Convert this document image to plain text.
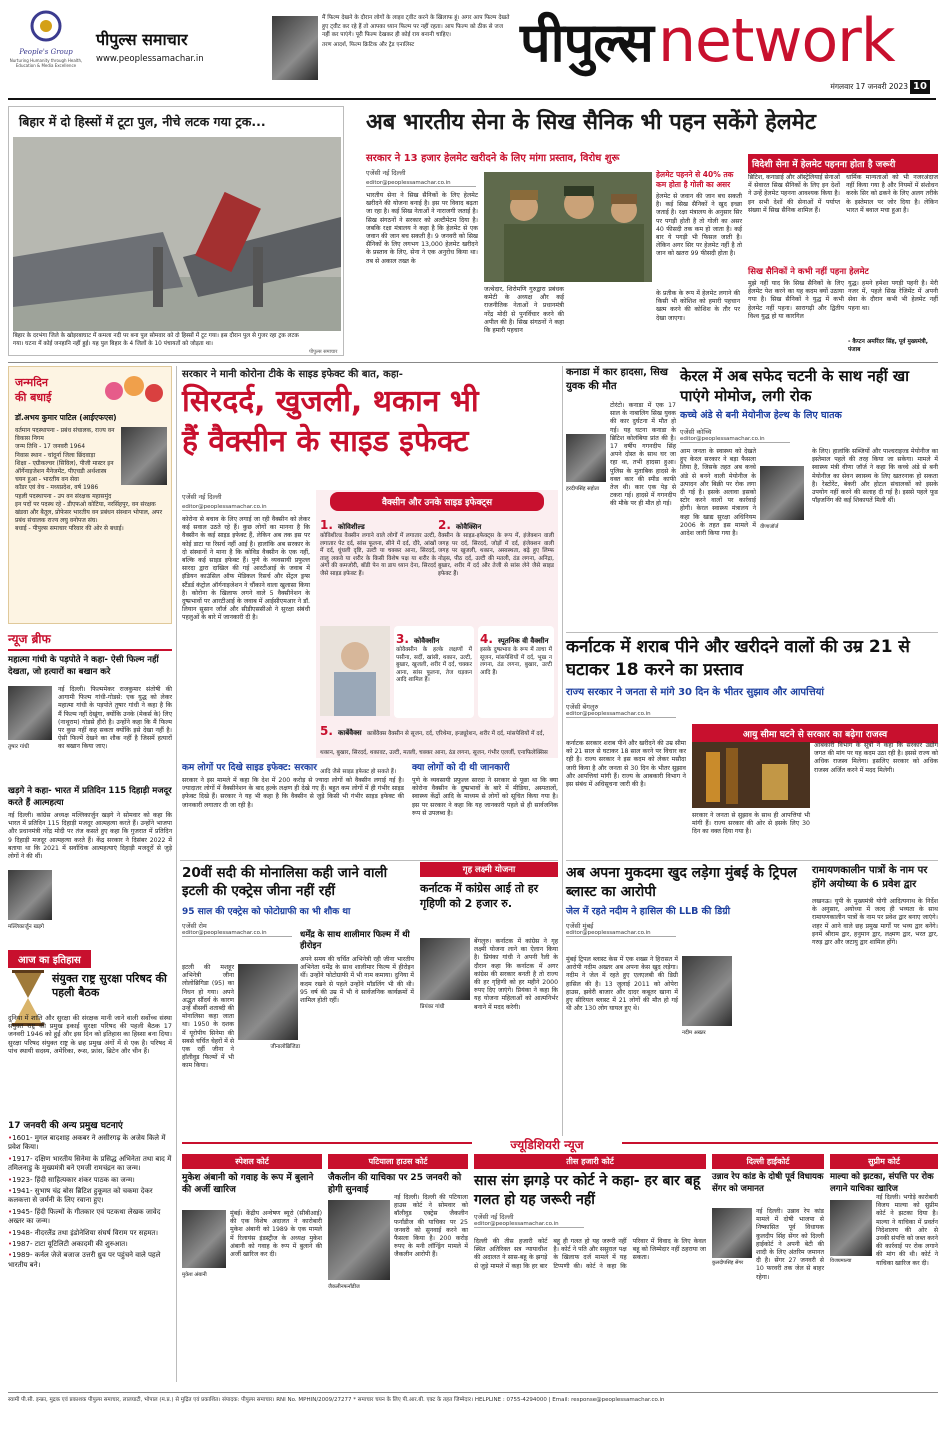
People's Group
Nurturing Humanity through Health, Education & Media Excellence
पीपुल्स समाचार
www.peoplessamachar.in
मैं फिल्म देखने के दौरान लोगों के लाइव ट्वीट करने के खिलाफ हूं। अगर आप फिल्म देखते हुए ट्वीट कर रहे हैं तो आपका ध्यान फिल्म पर नहीं रहता। आप फिल्म को ठीक से जज नहीं कर पाएंगे। पूरी फिल्म देखकर ही कोई राय बनानी चाहिए।
तरण आदर्श, फिल्म क्रिटिक और ट्रेड एनालिस्ट	पीपुल्स network
मंगलवार 17 जनवरी 2023 10
बिहार में दो हिस्सों में टूटा पुल, नीचे लटक गया ट्रक...
बिहार के दरभंगा जिले के खोइरबाघाट में कमला नदी पर बना पुल सोमवार को दो हिस्सों में टूट गया। इस दौरान पुल से गुजर रहा ट्रक लटक गया। घटना में कोई जनहानि नहीं हुई। यह पुल बिहार के 4 जिलों के 10 पंचायतों को जोड़ता था।
पीपुल्स समाचार
अब भारतीय सेना के सिख सैनिक भी पहन सकेंगे हेलमेट
सरकार ने 13 हजार हेलमेट खरीदने के लिए मांगा प्रस्ताव, विरोध शुरू
एजेंसी नई दिल्ली
editor@peoplessamachar.co.in
भारतीय सेना ने सिख सैनिकों के लिए हेलमेट खरीदने की योजना बनाई है। इस पर विवाद बढ़ता जा रहा है। कई सिख नेताओं ने नाराजगी जताई है। सिख संगठनों ने सरकार को अल्टीमेटम दिया है। जबकि रक्षा मंत्रालय ने कहा है कि हेलमेट से एक जवान की जान बच सकती है। 9 जनवरी को सिख सैनिकों के लिए लगभग 13,000 हेलमेट खरीदने के प्रस्ताव के लिए, सेना ने एक अनुरोध किया था। तब से अकाल तख्त के
जत्थेदार, शिरोमणि गुरुद्वारा प्रबंधक कमेटी के अध्यक्ष और कई राजनीतिक नेताओं ने प्रधानमंत्री नरेंद्र मोदी से पुनर्विचार करने की अपील की है। सिख संगठनों ने कहा कि हमारी पहचान
के प्रतीक के रूप में हेलमेट लगाने की किसी भी कोशिश को हमारी पहचान खत्म करने की कोशिश के तौर पर देखा जाएगा।
हेलमेट पहनने से 40% तक कम होता है गोली का असर
हेलमेट से जवान की जान बच सकती है। कई सिख सैनिकों ने खुद इच्छा जताई है। रक्षा मंत्रालय के अनुसार सिर पर पगड़ी होती है तो गोली का असर 40 फीसदी तक कम हो जाता है। कई बार ये पगड़ी भी फिसल जाती है। लेकिन अगर सिर पर हेलमेट नहीं है तो जान को खतरा 99 फीसदी होता है।
विदेशी सेना में हेलमेट पहनना होता है जरूरी
ब्रिटिश, कनाडाई और ऑस्ट्रेलियाई सेनाओं में सेवारत सिख सैनिकों के लिए इन देशों ने उन्हें हेलमेट पहनना आवश्यक किया है। इन सभी देशों की सेनाओं में पर्याप्त संख्या में सिख सैनिक शामिल हैं।
धार्मिक मान्यताओं को भी नजरअंदाज नहीं किया गया है और नियमों में संशोधन करके सिर को ढकने के लिए अलग तरीके के इस्तेमाल पर जोर दिया है। लेकिन भारत में बवाल मचा हुआ है।
सिख सैनिकों ने कभी नहीं पहना हेलमेट
मुझे नहीं याद कि सिख सैनिकों के लिए हेलमेट पेश करने का यह कदम क्यों उठाया गया है। सिख सैनिकों ने युद्ध में कभी हेलमेट नहीं पहना। सारागढ़ी और द्वितीय विश्व युद्ध हो या कारगिल
युद्ध। हमने हमेशा पगड़ी पहनी है। मेरी नजर में, पहले सिख रेजिमेंट में अपनी सेवा के दौरान कभी भी हेलमेट नहीं पहना था।
- कैप्टन अमरिंदर सिंह, पूर्व मुख्यमंत्री, पंजाब
जन्मदिन
की बधाई
डॉ.अभय कुमार पाटिल (आईएफएस)
वर्तमान पदस्थापना - प्रबंध संचालक, राज्य वन विकास निगम
जन्म तिथि - 17 जनवरी 1964
निवास स्थान - चांदूर्ना जिला छिंदवाड़ा
शिक्षा - एग्रीकल्चर (सिविल), पीजी मास्टर इन ऑर्गेनाइजेशन मैनेजमेंट, पीएचडी अर्थशास्त्र
चयन हुआ - भारतीय वन सेवा
कॉडर एवं वेच - मध्यप्रदेश, वर्ष 1986
पहली पदस्थापना - उप वन संरक्षक महासमुंद
इन पदों पर पदस्थ रहे - डीएफओ कोटिया, नरसिंहपुर, वन संरक्षक खंडवा और बैतूल, प्रोफेसर भारतीय वन प्रबंधन संस्थान भोपाल, अपर प्रबंध संचालक राज्य लघु वनोपज संघ।
बधाई - पीपुल्स समाचार परिवार की ओर से बधाई।
न्यूज ब्रीफ
महात्मा गांधी के पड़पोते ने कहा- ऐसी फिल्म नहीं देखता, जो हत्यारों का बखान करे
तुषार गांधी
नई दिल्ली। फिल्ममेकर राजकुमार संतोषी की आगामी फिल्म गांधी-गोडसे: एक युद्ध को लेकर महात्मा गांधी के पड़पोते तुषार गांधी ने कहा है कि मैं फिल्म नहीं देखूंगा, क्योंकि उनके (मेकर्स के) लिए (नाथूराम) गोडसे हीरो है। उन्होंने कहा कि मैं फिल्म पर कुछ नहीं कह सकता क्योंकि इसे देखा नहीं है। ऐसी फिल्में देखने का शौक नहीं है जिसमें हत्यारों का बखान किया जाए।
खड़गे ने कहा- भारत में प्रतिदिन 115 दिहाड़ी मजदूर करते हैं आत्महत्या
नई दिल्ली। कांग्रेस अध्यक्ष मल्लिकार्जुन खड़गे ने सोमवार को कहा कि भारत में प्रतिदिन 115 दिहाड़ी मजदूर आत्महत्या करते हैं। उन्होंने भाजपा और प्रधानमंत्री नरेंद्र मोदी पर तंज कसते हुए कहा कि गुजरात में प्रतिदिन 9 दिहाड़ी मजदूर आत्महत्या करते हैं। केंद्र सरकार ने दिसंबर 2022 में बताया था कि 2021 में सर्वाधिक आत्महत्याएं दिहाड़ी मजदूरों से जुड़े लोगों ने की थीं।
मल्लिकार्जुन खड़गे
आज का इतिहास
संयुक्त राष्ट्र सुरक्षा परिषद की पहली बैठक
दुनिया में शांति और सुरक्षा की संरक्षक मानी जाने वाली सर्वोच्च संस्था संयुक्त राष्ट्र की प्रमुख इकाई सुरक्षा परिषद की पहली बैठक 17 जनवरी 1946 को हुई और इस दिन को इतिहास का हिस्सा बना दिया। सुरक्षा परिषद संयुक्त राष्ट्र के छह प्रमुख अंगों में से एक है। परिषद में पांच स्थायी सदस्य, अमेरिका, रूस, फ्रांस, ब्रिटेन और चीन हैं।
17 जनवरी की अन्य प्रमुख घटनाएं
• 1601- मुगल बादशाह अकबर ने असीरगढ़ के अजेय किले में प्रवेश किया।
• 1917- दक्षिण भारतीय सिनेमा के प्रसिद्ध अभिनेता तथा बाद में तमिलनाडु के मुख्यमंत्री बने एमजी रामचंद्रन का जन्म।
• 1923- हिंदी साहित्यकार शंकर पाठक का जन्म।
• 1941- सुभाष चंद्र बोस ब्रिटिश हुकूमत को चकमा देकर कलकत्ता से जर्मनी के लिए रवाना हुए।
• 1945- हिंदी फिल्मों के गीतकार एवं पटकथा लेखक जावेद अख्तर का जन्म।
• 1948- नीदरलैंड तथा इंडोनेशिया संघर्ष विराम पर सहमत।
• 1987- टाटा यूटिलिटी अकादमी की शुरुआत।
• 1989- कर्नल जेजे बजाज उत्तरी ध्रुव पर पहुंचने वाले पहले भारतीय बने।
सरकार ने मानी कोरोना टीके के साइड इफेक्ट की बात, कहा-
सिरदर्द, खुजली, थकान भी
हैं वैक्सीन के साइड इफेक्ट
एजेंसी नई दिल्ली
editor@peoplessamachar.co.in
कोरोना से बचाव के लिए लगाई जा रही वैक्सीन को लेकर कई सवाल उठते रहे हैं। कुछ लोगों का मानना है कि वैक्सीन के कई साइड इफेक्ट हैं, लेकिन अब तक इस पर कोई डाटा या रिसर्च नहीं आई है। हालांकि अब सरकार के दो संस्थानों ने माना है कि कोविड वैक्सीन के एक नहीं, बल्कि कई साइड इफेक्ट हैं। पुणे के व्यवसायी प्रफुल्ल सारदा द्वारा दाखिल की गई आरटीआई के जवाब में इंडियन काउंसिल ऑफ मेडिकल रिसर्च और सेंट्रल ड्रग्स स्टैंडर्ड कंट्रोल ऑर्गनाइजेशन ने चौंकाने वाला खुलासा किया है। कोरोना के खिलाफ लगने वाले 5 वैक्सीनेशन के दुष्प्रभावों पर आरटीआई के जवाब में आईसीएमआर ने डॉ. लियान सुसान जॉर्ज और सीडीएससीओ ने सुरक्षा संबंधी पहलुओं के बारे में जानकारी दी है।
वैक्सीन और उनके साइड इफेक्ट्स
1. कोविशील्ड
कोविशील्ड वैक्सीन लगाने वाले लोगों में लगातार उल्टी, लगातार पेट दर्द, सांस फूलना, सीने में दर्द, दौरे, आंखों में दर्द, धुंधली दृष्टि, उल्टी या चक्कर आना, सिरदर्द, तालु लकवे या शरीर के किसी विशेष पक्ष या शरीर के अंगों की कमजोरी, बॉडी पेन या डाय ध्यान देना, सिरदर्द जैसे साइड इफेक्ट हैं।
2. कोवैक्सिन
वैक्सीन के साइड-इफेक्ट्स के रूप में, इंजेक्शन वाली जगह पर दर्द, सिरदर्द, जोड़ों में दर्द, इंजेक्शन वाली जगह पर खुजली, थकान, अस्वस्थता, बढ़े हुए लिम्फ नोड्स, पीठ दर्द, उल्टी की मतली, ठंड लगना, अनिद्रा, बुखार, शरीर में दर्द और तेजी से सांस लेने जैसे साइड इफेक्ट हैं।
3. कोवैक्सीन
कोवैक्सीन के हल्के लक्षणों में पसीना, सर्दी, खांसी, थकान, उल्टी, बुखार, खुजली, शरीर में दर्द, चक्कर आना, सांस फूलना, तेज धड़कन आदि शामिल हैं।
4. स्पूतनिक वी वैक्सीन
इसके दुष्प्रभाव के रूप में त्वचा में सूजन, मांसपेशियों में दर्द, भूख न लगना, ठंड लगना, बुखार, उल्टी आदि हैं।
5. कार्बेवैक्स कार्बेवैक्स वैक्सीन से सूजन, दर्द, एरिथेमा, इन्ड्यूरेशन, शरीर में दर्द, मांसपेशियों में दर्द, थकान, बुखार, सिरदर्द, थकावट, उल्टी, मतली, चक्कर आना, ठंड लगना, सूजन, गंभीर एलर्जी, एनाफिलेक्सिस आदि जैसे साइड इफेक्ट हो सकते हैं।
कम लोगों पर दिखे साइड इफेक्ट: सरकार
सरकार ने इस मामले में कहा कि देश में 200 करोड़ से ज्यादा लोगों को वैक्सीन लगाई गई है। ज्यादातर लोगों में वैक्सीनेशन के बाद हल्के लक्षण ही देखे गए हैं। बहुत कम लोगों में ही गंभीर साइड इफेक्ट दिखे हैं। सरकार ने यह भी कहा है कि वैक्सीन से जुड़े किसी भी गंभीर साइड इफेक्ट की जानकारी लगातार दी जा रही है।
क्या लोगों को दी थी जानकारी
पुणे के व्यवसायी प्रफुल्ल सारदा ने सरकार से पूछा था कि क्या कोरोना वैक्सीन के दुष्प्रभावों के बारे में मीडिया, अस्पतालों, स्वास्थ्य केंद्रों आदि के माध्यम से लोगों को सूचित किया गया है। इस पर सरकार ने कहा कि यह जानकारी पहले से ही सार्वजनिक रूप से उपलब्ध है।
20वीं सदी की मोनालिसा कही जाने वाली इटली की एक्ट्रेस जीना नहीं रहीं
95 साल की एक्ट्रेस को फोटोग्राफी का भी शौक था
एजेंसी रोम
editor@peoplessamachar.co.in
इटली की मशहूर अभिनेत्री जीना लोलोब्रिगिडा (95) का निधन हो गया। अपने अद्भुत सौंदर्य के कारण उन्हें बीसवीं शताब्दी की मोनालिसा कहा जाता था। 1950 के दशक में यूरोपीय सिनेमा की सबसे चर्चित चेहरों में से एक रहीं जीना ने हॉलीवुड फिल्मों में भी काम किया।
जीनालोब्रिजिडा
धर्मेंद्र के साथ शालीमार फिल्म में थी हीरोइन
अपने समय की चर्चित अभिनेत्री रही जीना भारतीय अभिनेता धर्मेंद्र के साथ शालीमार फिल्म में हीरोइन थीं। उन्होंने फोटोग्राफी में भी नाम कमाया। दुनिया में कदम रखने से पहले उन्होंने मॉडलिंग भी की थी। 95 वर्ष की उम्र में भी वे सार्वजनिक कार्यक्रमों में शामिल होती रहीं।
गृह लक्ष्मी योजना
कर्नाटक में कांग्रेस आई तो हर गृहिणी को 2 हजार रु.
प्रियंका गांधी
बेंगलुरु। कर्नाटक में कांग्रेस ने गृह लक्ष्मी योजना लाने का ऐलान किया है। प्रियंका गांधी ने अपनी रैली के दौरान कहा कि कर्नाटक में अगर कांग्रेस की सरकार बनती है तो राज्य की हर गृहिणी को हर महीने 2000 रुपए दिए जाएंगे। प्रियंका ने कहा कि यह योजना महिलाओं को आत्मनिर्भर बनाने में मदद करेगी।
कनाडा में कार हादसा, सिख युवक की मौत
हरदीपसिंह सहोता
टोरंटो। कनाडा में एक 17 साल के नाबालिग सिख युवक की कार दुर्घटना में मौत हो गई। यह घटना कनाडा के ब्रिटिश कोलंबिया प्रांत की है। 17 वर्षीय गगनदीप सिंह अपने दोस्त के साथ घर जा रहा था, तभी हादसा हुआ। पुलिस के मुताबिक हादसे के वक्त कार की स्पीड काफी तेज थी। कार एक पेड़ से टकरा गई। हादसे में गगनदीप की मौके पर ही मौत हो गई।
केरल में अब सफेद चटनी के साथ नहीं खा पाएंगे मोमोज, लगी रोक
कच्चे अंडे से बनी मेयोनीज हेल्थ के लिए घातक
एजेंसी कोच्चि
editor@peoplessamachar.co.in
आम जनता के स्वास्थ्य को देखते हुए केरल सरकार ने बड़ा फैसला लिया है, जिसके तहत अब कच्चे अंडे से बनने वाली मेयोनीज के उत्पादन और बिक्री पर रोक लगा दी गई है। इसके अलावा इसको स्टोर करने वालों पर कार्रवाई होगी। केरल स्वास्थ्य मंत्रालय ने कहा कि खाद्य सुरक्षा अधिनियम 2006 के तहत इस मामले में आदेश जारी किया गया है।
वीणाजॉर्ज
के लिए। हालांकि सब्जियों और पाश्चराइज्ड मेयोनीज का इस्तेमाल पहले की तरह किया जा सकेगा। मामले में स्वास्थ्य मंत्री वीणा जॉर्ज ने कहा कि कच्चे अंडे से बनी मेयोनीज का सेवन स्वास्थ्य के लिए खतरनाक हो सकता है। रेस्टोरेंट, बेकरी और होटल संचालकों को इसके उपयोग नहीं करने की सलाह दी गई है। इससे पहले फूड पॉइजनिंग की कई शिकायतें मिली थीं।
कर्नाटक में शराब पीने और खरीदने वालों की उम्र 21 से घटाकर 18 करने का प्रस्ताव
राज्य सरकार ने जनता से मांगे 30 दिन के भीतर सुझाव और आपत्तियां
एजेंसी बेंगलुरु
editor@peoplessamachar.co.in
कर्नाटक सरकार शराब पीने और खरीदने की उम्र सीमा को 21 साल से घटाकर 18 साल करने पर विचार कर रही है। राज्य सरकार ने इस कदम को लेकर मसौदा जारी किया है और जनता से 30 दिन के भीतर सुझाव और आपत्तियां मांगी हैं। राज्य के आबकारी विभाग ने इस संबंध में अधिसूचना जारी की है।
आयु सीमा घटने से सरकार का बढ़ेगा राजस्व
आबकारी विभाग के सूत्रों ने कहा कि सरकार उद्योग जगत की मांग पर यह कदम उठा रही है। इससे राज्य को अधिक राजस्व मिलेगा। इसलिए सरकार को अधिक राजस्व अर्जित करने में मदद मिलेगी।
सरकार ने जनता से सुझाव के साथ ही आपत्तियां भी मांगी हैं। राज्य सरकार की ओर से इसके लिए 30 दिन का वक्त दिया गया है।
अब अपना मुकदमा खुद लड़ेगा मुंबई के ट्रिपल ब्लास्ट का आरोपी
जेल में रहते नदीम ने हासिल की LLB की डिग्री
एजेंसी मुंबई
editor@peoplessamachar.co.in
मुंबई ट्रिपल ब्लास्ट केस में एक शख्स ने हिरासत में आरोपी नदीम अख्तर अब अपना केस खुद लड़ेगा। नदीम ने जेल में रहते हुए एलएलबी की डिग्री हासिल की है। 13 जुलाई 2011 को ओपेरा हाउस, झवेरी बाजार और दादर कबूतर खाना में हुए सीरियल ब्लास्ट में 21 लोगों की मौत हो गई थी और 130 लोग घायल हुए थे।
नदीम अख्तर
रामायणकालीन पात्रों के नाम पर होंगे अयोध्या के 6 प्रवेश द्वार
लखनऊ। यूपी के मुख्यमंत्री योगी आदित्यनाथ के निर्देश के अनुसार, अयोध्या में जल्द ही भव्यता के साथ रामायणकालीन पात्रों के नाम पर प्रवेश द्वार बनाए जाएंगे। शहर में आने वाले छह प्रमुख मार्गों पर भव्य द्वार बनेंगे। इनमें श्रीराम द्वार, हनुमान द्वार, लक्ष्मण द्वार, भरत द्वार, गरुड़ द्वार और जटायु द्वार शामिल होंगे।
ज्यूडिशियरी न्यूज
स्पेशल कोर्ट
मुकेश अंबानी को गवाह के रूप में बुलाने की अर्जी खारिज
मुकेश अंबानी
मुंबई। केंद्रीय अन्वेषण ब्यूरो (सीबीआई) की एक विशेष अदालत ने कारोबारी मुकेश अंबानी को 1989 के एक मामले में रिलायंस इंडस्ट्रीज के अध्यक्ष मुकेश अंबानी को गवाह के रूप में बुलाने की अर्जी खारिज कर दी।
पटियाला हाउस कोर्ट
जैकलीन की याचिका पर 25 जनवरी को होगी सुनवाई
नई दिल्ली। दिल्ली की पटियाला हाउस कोर्ट ने सोमवार को बॉलीवुड एक्ट्रेस जैकलीन फर्नांडीज की याचिका पर 25 जनवरी को सुनवाई करने का फैसला किया है। 200 करोड़ रुपए के मनी लॉन्ड्रिंग मामले में जैकलीन आरोपी हैं।
जैकलीनफर्नांडीज
तीस हजारी कोर्ट
सास संग झगड़े पर कोर्ट ने कहा- हर बार बहू गलत हो यह जरूरी नहीं
एजेंसी नई दिल्ली
editor@peoplessamachar.co.in
दिल्ली की तीस हजारी कोर्ट स्थित अतिरिक्त सत्र न्यायाधीश की अदालत ने सास-बहू के झगड़े से जुड़े मामले में कहा कि हर बार बहू ही गलत हो यह जरूरी नहीं है। कोर्ट ने पति और ससुराल पक्ष के खिलाफ दर्ज मामले में यह टिप्पणी की। कोर्ट ने कहा कि परिवार में विवाद के लिए केवल बहू को जिम्मेदार नहीं ठहराया जा सकता।
दिल्ली हाईकोर्ट
उन्नाव रेप कांड के दोषी पूर्व विधायक सेंगर को जमानत
कुलदीपसिंह सेंगर
नई दिल्ली। उन्नाव रेप कांड मामले में दोषी भाजपा से निष्कासित पूर्व विधायक कुलदीप सिंह सेंगर को दिल्ली हाईकोर्ट ने अपनी बेटी की शादी के लिए अंतरिम जमानत दी है। सेंगर 27 जनवरी से 10 फरवरी तक जेल से बाहर रहेगा।
सुप्रीम कोर्ट
माल्या को झटका, संपत्ति पर रोक लगाने याचिका खारिज
नई दिल्ली। भगोड़े कारोबारी विजय माल्या को सुप्रीम कोर्ट ने झटका दिया है। माल्या ने याचिका में प्रवर्तन निदेशालय की ओर से उनकी संपत्ति को जब्त करने की कार्रवाई पर रोक लगाने की मांग की थी। कोर्ट ने याचिका खारिज कर दी।
विजयमाल्या
स्वामी पी.सी. इन्फ्रा, मुद्रक एवं प्रकाशक पीपुल्स समाचार, लालघाटी, भोपाल (म.प्र.) से मुद्रित एवं प्रकाशित। संपादक: पीपुल्स समाचार। RNI No. MPHIN/2009/27277 * समाचार चयन के लिए पी.आर.बी. एक्ट के तहत जिम्मेदार। HELPLINE : 0755-4294000 | Email: response@peoplessamachar.co.in
